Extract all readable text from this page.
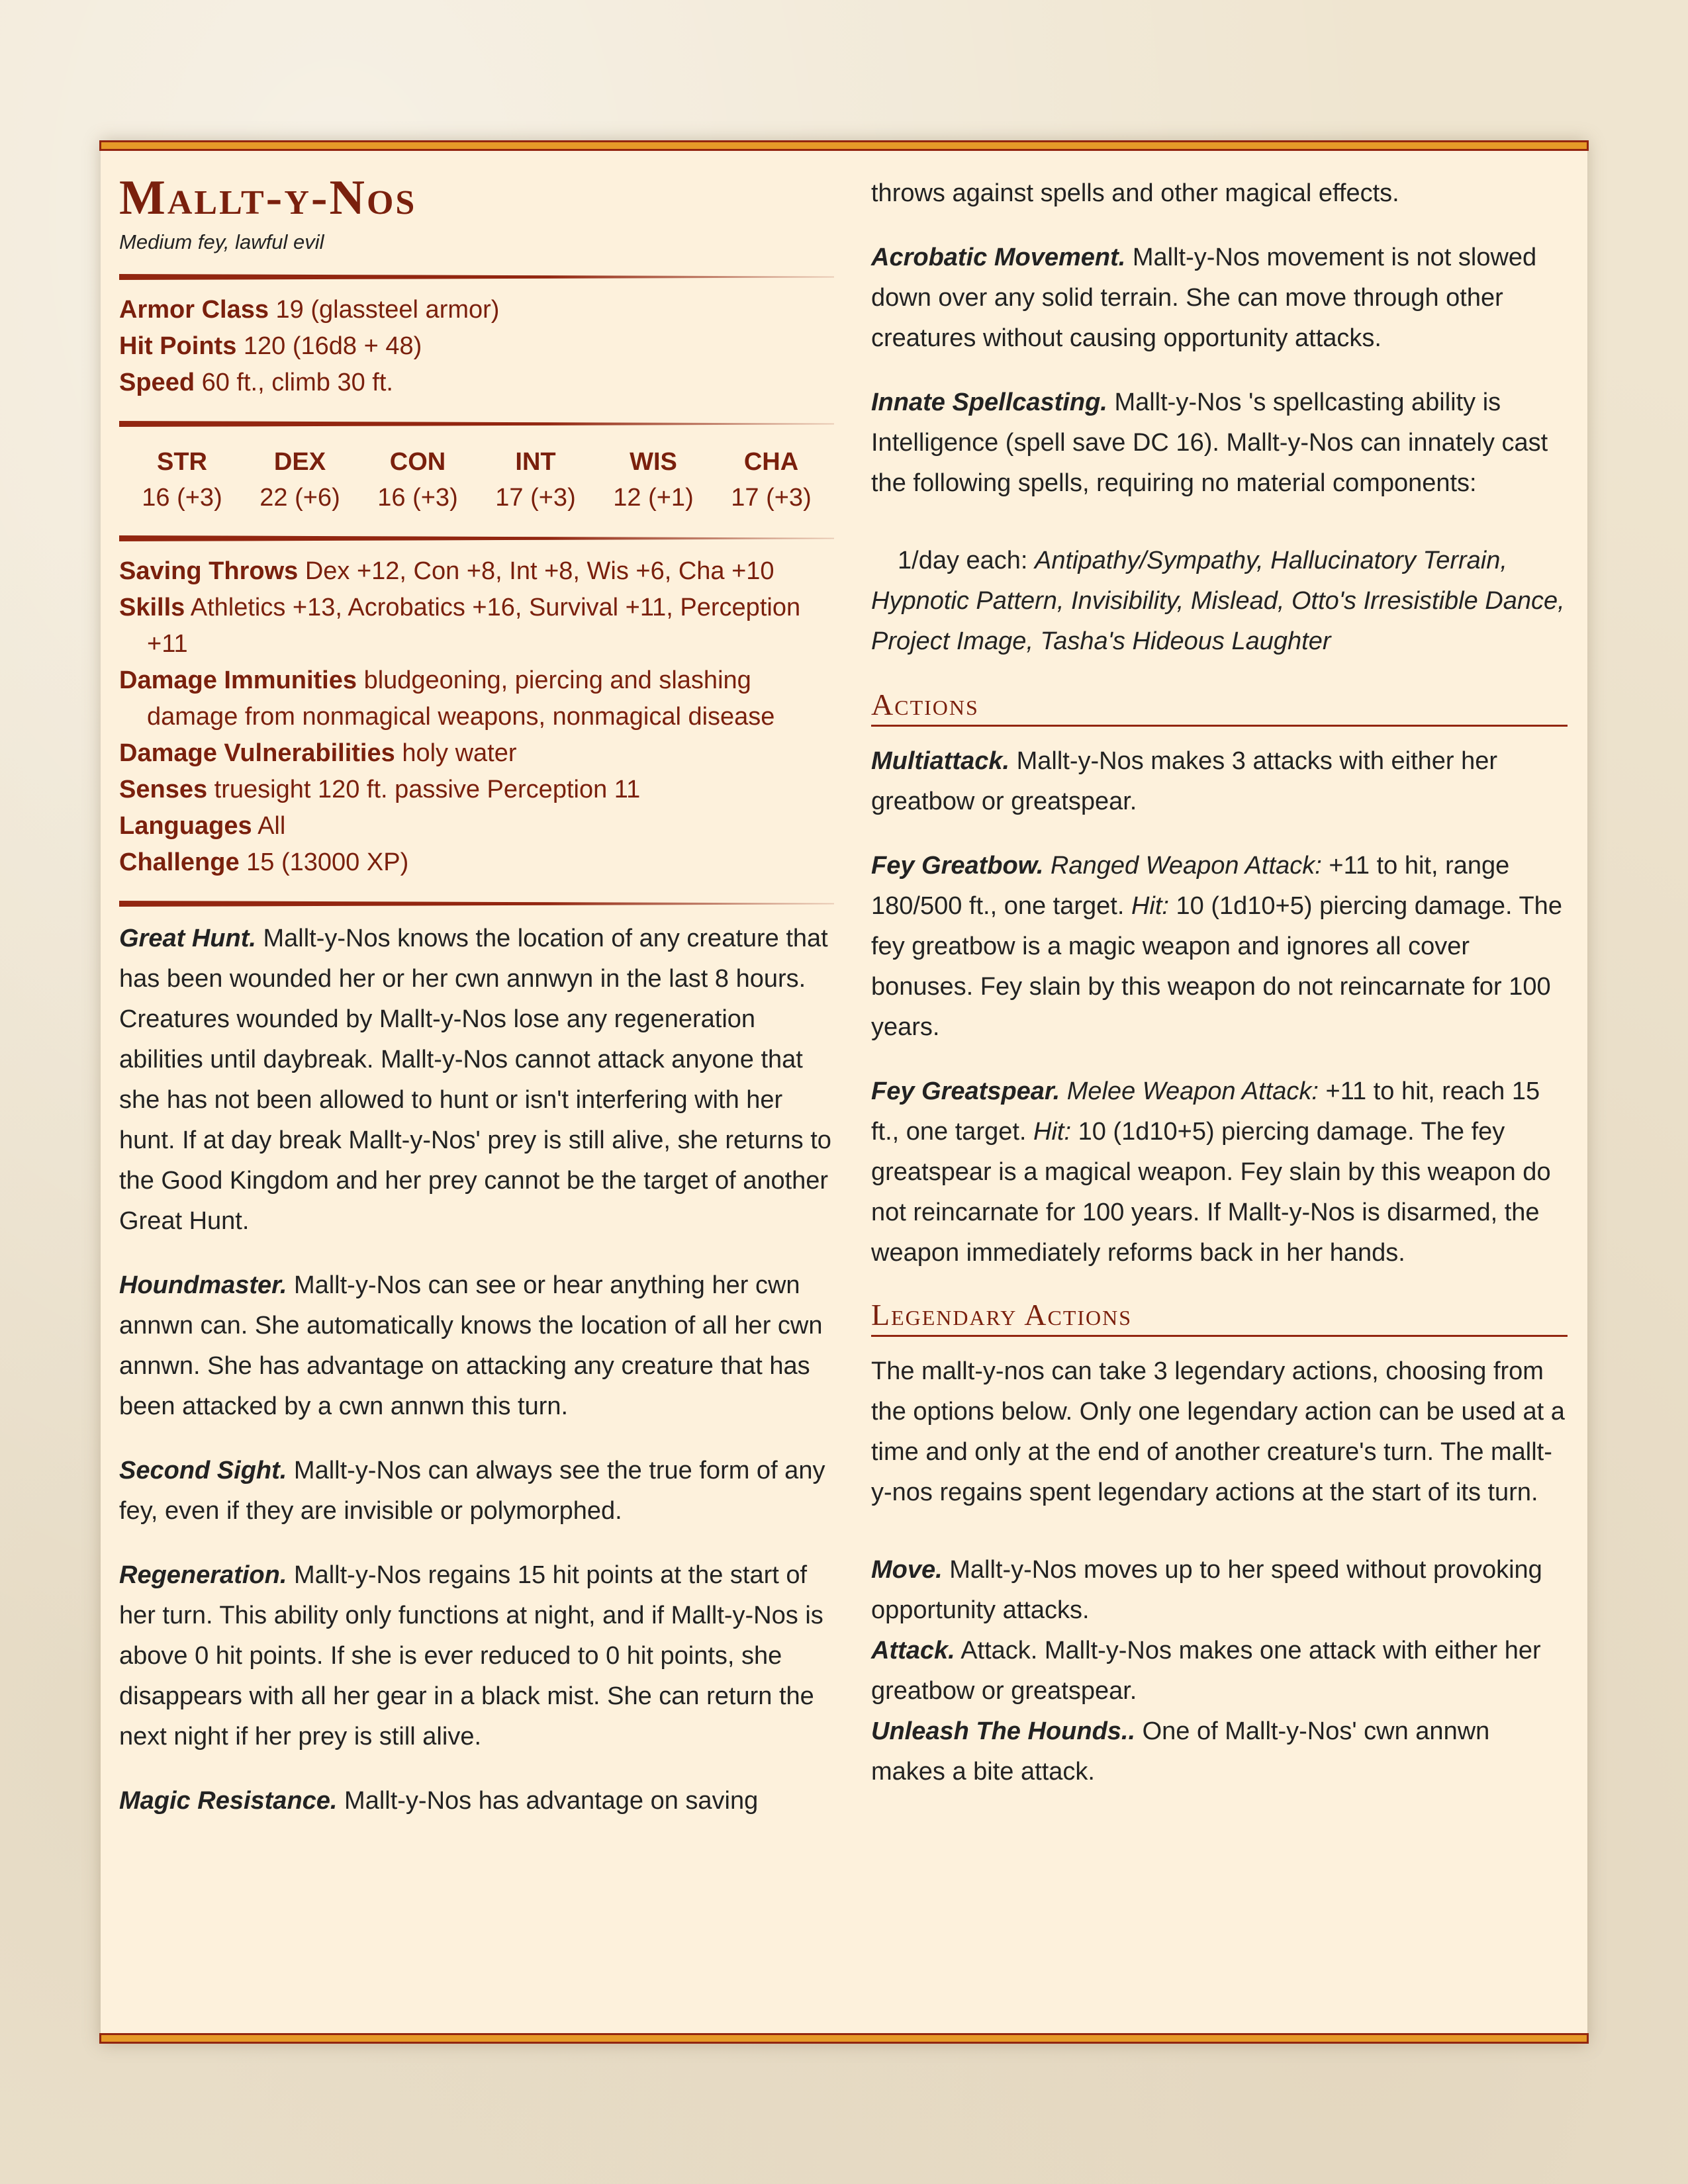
Mallt-y-Nos
Medium fey, lawful evil
Armor Class 19 (glassteel armor)
Hit Points 120 (16d8 + 48)
Speed 60 ft., climb 30 ft.
STR
16 (+3)
DEX
22 (+6)
CON
16 (+3)
INT
17 (+3)
WIS
12 (+1)
CHA
17 (+3)
Saving Throws Dex +12, Con +8, Int +8, Wis +6, Cha +10
Skills Athletics +13, Acrobatics +16, Survival +11, Perception +11
Damage Immunities bludgeoning, piercing and slashing damage from nonmagical weapons, nonmagical disease
Damage Vulnerabilities holy water
Senses truesight 120 ft. passive Perception 11
Languages All
Challenge 15 (13000 XP)
Great Hunt. Mallt-y-Nos knows the location of any creature that has been wounded her or her cwn annwyn in the last 8 hours. Creatures wounded by Mallt-y-Nos lose any regeneration abilities until daybreak. Mallt-y-Nos cannot attack anyone that she has not been allowed to hunt or isn't interfering with her hunt. If at day break Mallt-y-Nos' prey is still alive, she returns to the Good Kingdom and her prey cannot be the target of another Great Hunt.
Houndmaster. Mallt-y-Nos can see or hear anything her cwn annwn can. She automatically knows the location of all her cwn annwn. She has advantage on attacking any creature that has been attacked by a cwn annwn this turn.
Second Sight. Mallt-y-Nos can always see the true form of any fey, even if they are invisible or polymorphed.
Regeneration. Mallt-y-Nos regains 15 hit points at the start of her turn. This ability only functions at night, and if Mallt-y-Nos is above 0 hit points. If she is ever reduced to 0 hit points, she disappears with all her gear in a black mist. She can return the next night if her prey is still alive.
Magic Resistance. Mallt-y-Nos has advantage on saving
throws against spells and other magical effects.
Acrobatic Movement. Mallt-y-Nos movement is not slowed down over any solid terrain. She can move through other creatures without causing opportunity attacks.
Innate Spellcasting. Mallt-y-Nos 's spellcasting ability is Intelligence (spell save DC 16). Mallt-y-Nos can innately cast the following spells, requiring no material components:
1/day each: Antipathy/Sympathy, Hallucinatory Terrain, Hypnotic Pattern, Invisibility, Mislead, Otto's Irresistible Dance, Project Image, Tasha's Hideous Laughter
Actions
Multiattack. Mallt-y-Nos makes 3 attacks with either her greatbow or greatspear.
Fey Greatbow. Ranged Weapon Attack: +11 to hit, range 180/500 ft., one target. Hit: 10 (1d10+5) piercing damage. The fey greatbow is a magic weapon and ignores all cover bonuses. Fey slain by this weapon do not reincarnate for 100 years.
Fey Greatspear. Melee Weapon Attack: +11 to hit, reach 15 ft., one target. Hit: 10 (1d10+5) piercing damage. The fey greatspear is a magical weapon. Fey slain by this weapon do not reincarnate for 100 years. If Mallt-y-Nos is disarmed, the weapon immediately reforms back in her hands.
Legendary Actions
The mallt-y-nos can take 3 legendary actions, choosing from the options below. Only one legendary action can be used at a time and only at the end of another creature's turn. The mallt-y-nos regains spent legendary actions at the start of its turn.
Move. Mallt-y-Nos moves up to her speed without provoking opportunity attacks.
Attack. Attack. Mallt-y-Nos makes one attack with either her greatbow or greatspear.
Unleash The Hounds.. One of Mallt-y-Nos' cwn annwn makes a bite attack.
